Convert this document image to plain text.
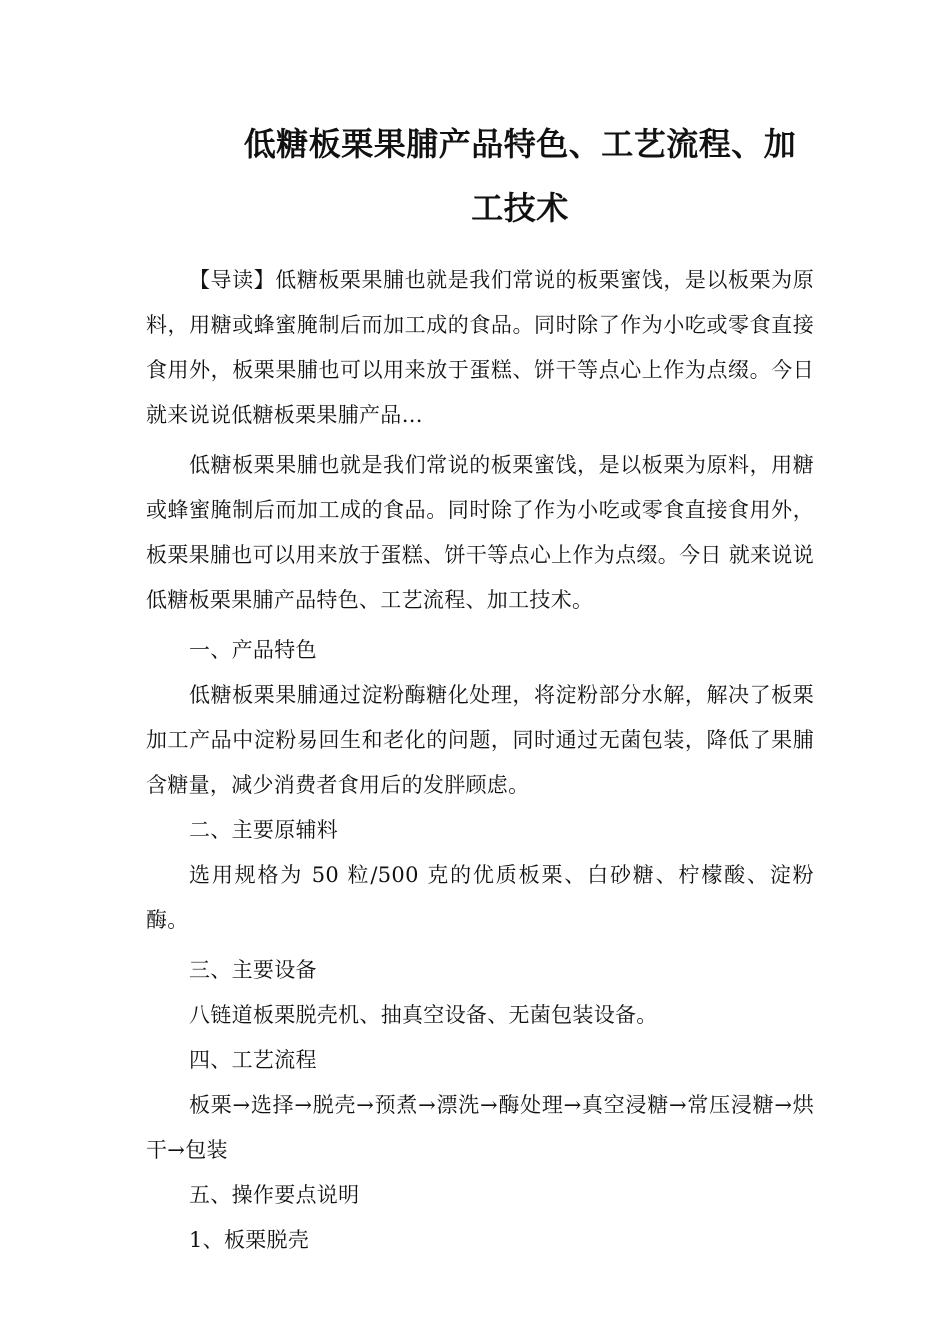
低糖板栗果脯产品特色、工艺流程、加
工技术

【导读】低糖板栗果脯也就是我们常说的板栗蜜饯，是以板栗为原料，用糖或蜂蜜腌制后而加工成的食品。同时除了作为小吃或零食直接食用外，板栗果脯也可以用来放于蛋糕、饼干等点心上作为点缀。今日 就来说说低糖板栗果脯产品…

低糖板栗果脯也就是我们常说的板栗蜜饯，是以板栗为原料，用糖或蜂蜜腌制后而加工成的食品。同时除了作为小吃或零食直接食用外，板栗果脯也可以用来放于蛋糕、饼干等点心上作为点缀。今日 就来说说低糖板栗果脯产品特色、工艺流程、加工技术。

一、产品特色

低糖板栗果脯通过淀粉酶糖化处理，将淀粉部分水解，解决了板栗加工产品中淀粉易回生和老化的问题，同时通过无菌包装，降低了果脯含糖量，减少消费者食用后的发胖顾虑。

二、主要原辅料

选用规格为 50 粒/500 克的优质板栗、白砂糖、柠檬酸、淀粉酶。

三、主要设备

八链道板栗脱壳机、抽真空设备、无菌包装设备。

四、工艺流程

板栗→选择→脱壳→预煮→漂洗→酶处理→真空浸糖→常压浸糖→烘干→包装

五、操作要点说明

1、板栗脱壳
